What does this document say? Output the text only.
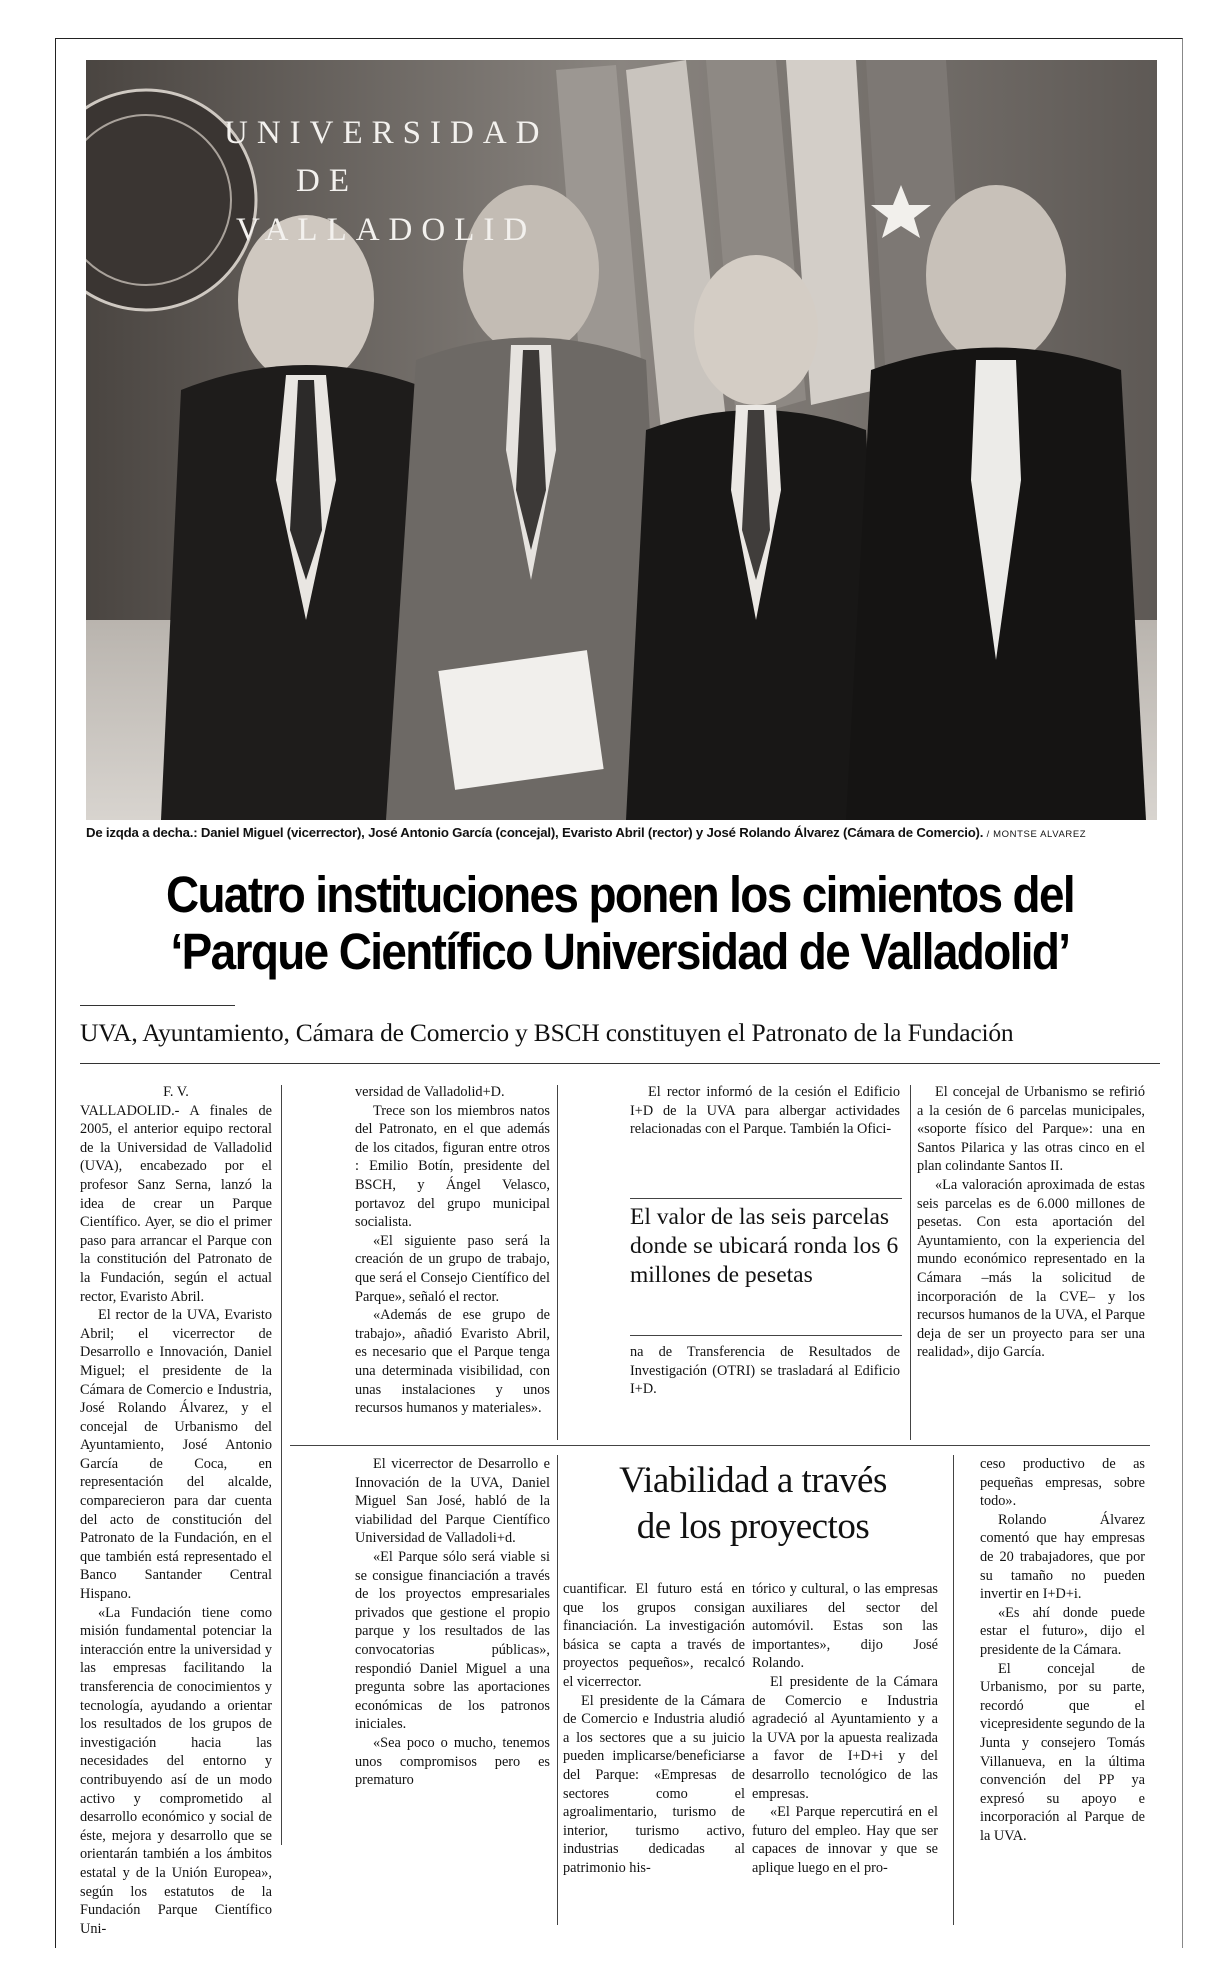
UNIVERSIDAD
DE
VALLADOLID
De izqda a decha.: Daniel Miguel (vicerrector), José Antonio García (concejal), Evaristo Abril (rector) y José Rolando Álvarez (Cámara de Comercio). / MONTSE ALVAREZ
Cuatro instituciones ponen los cimientos del
‘Parque Científico Universidad de Valladolid’
UVA, Ayuntamiento, Cámara de Comercio y BSCH constituyen el Patronato de la Fundación

F. V.

VALLADOLID.- A finales de 2005, el anterior equipo rectoral de la Universidad de Valladolid (UVA), encabezado por el profesor Sanz Serna, lanzó la idea de crear un Parque Científico. Ayer, se dio el primer paso para arrancar el Parque con la constitución del Patronato de la Fundación, según el actual rector, Evaristo Abril.

El rector de la UVA, Evaristo Abril; el vicerrector de Desarrollo e Innovación, Daniel Miguel; el presidente de la Cámara de Comercio e Industria, José Rolando Álvarez, y el concejal de Urbanismo del Ayuntamiento, José Antonio García de Coca, en representación del alcalde, comparecieron para dar cuenta del acto de constitución del Patronato de la Fundación, en el que también está representado el Banco Santander Central Hispano.

«La Fundación tiene como misión fundamental potenciar la interacción entre la universidad y las empresas facilitando la transferencia de conocimientos y tecnología, ayudando a orientar los resultados de los grupos de investigación hacia las necesidades del entorno y contribuyendo así de un modo activo y comprometido al desarrollo económico y social de éste, mejora y desarrollo que se orientarán también a los ámbitos estatal y de la Unión Europea», según los estatutos de la Fundación Parque Científico Uni-

versidad de Valladolid+D.

Trece son los miembros natos del Patronato, en el que además de los citados, figuran entre otros : Emilio Botín, presidente del BSCH, y Ángel Velasco, portavoz del grupo municipal socialista.

«El siguiente paso será la creación de un grupo de trabajo, que será el Consejo Científico del Parque», señaló el rector.

«Además de ese grupo de trabajo», añadió Evaristo Abril, es necesario que el Parque tenga una determinada visibilidad, con unas instalaciones y unos recursos humanos y materiales».

El rector informó de la cesión el Edificio I+D de la UVA para albergar actividades relacionadas con el Parque. También la Ofici-

El valor de las seis parcelas donde se ubicará ronda los 6 millones de pesetas

na de Transferencia de Resultados de Investigación (OTRI) se trasladará al Edificio I+D.

El concejal de Urbanismo se refirió a la cesión de 6 parcelas municipales, «soporte físico del Parque»: una en Santos Pilarica y las otras cinco en el plan colindante Santos II.

«La valoración aproximada de estas seis parcelas es de 6.000 millones de pesetas. Con esta aportación del Ayuntamiento, con la experiencia del mundo económico representado en la Cámara –más la solicitud de incorporación de la CVE– y los recursos humanos de la UVA, el Parque deja de ser un proyecto para ser una realidad», dijo García.

El vicerrector de Desarrollo e Innovación de la UVA, Daniel Miguel San José, habló de la viabilidad del Parque Científico Universidad de Valladoli+d.

«El Parque sólo será viable si se consigue financiación a través de los proyectos empresariales privados que gestione el propio parque y los resultados de las convocatorias públicas», respondió Daniel Miguel a una pregunta sobre las aportaciones económicas de los patronos iniciales.

«Sea poco o mucho, tenemos unos compromisos pero es prematuro

Viabilidad a través
de los proyectos

cuantificar. El futuro está en que los grupos consigan financiación. La investigación básica se capta a través de proyectos pequeños», recalcó el vicerrector.

El presidente de la Cámara de Comercio e Industria aludió a los sectores que a su juicio pueden implicarse/beneficiarse del Parque: «Empresas de sectores como el agroalimentario, turismo de interior, turismo activo, industrias dedicadas al patrimonio his-

tórico y cultural, o las empresas auxiliares del sector del automóvil. Estas son las importantes», dijo José Rolando.

El presidente de la Cámara de Comercio e Industria agradeció al Ayuntamiento y a la UVA por la apuesta realizada a favor de I+D+i y del desarrollo tecnológico de las empresas.

«El Parque repercutirá en el futuro del empleo. Hay que ser capaces de innovar y que se aplique luego en el pro-

ceso productivo de as pequeñas empresas, sobre todo».

Rolando Álvarez comentó que hay empresas de 20 trabajadores, que por su tamaño no pueden invertir en I+D+i.

«Es ahí donde puede estar el futuro», dijo el presidente de la Cámara.

El concejal de Urbanismo, por su parte, recordó que el vicepresidente segundo de la Junta y consejero Tomás Villanueva, en la última convención del PP ya expresó su apoyo e incorporación al Parque de la UVA.
